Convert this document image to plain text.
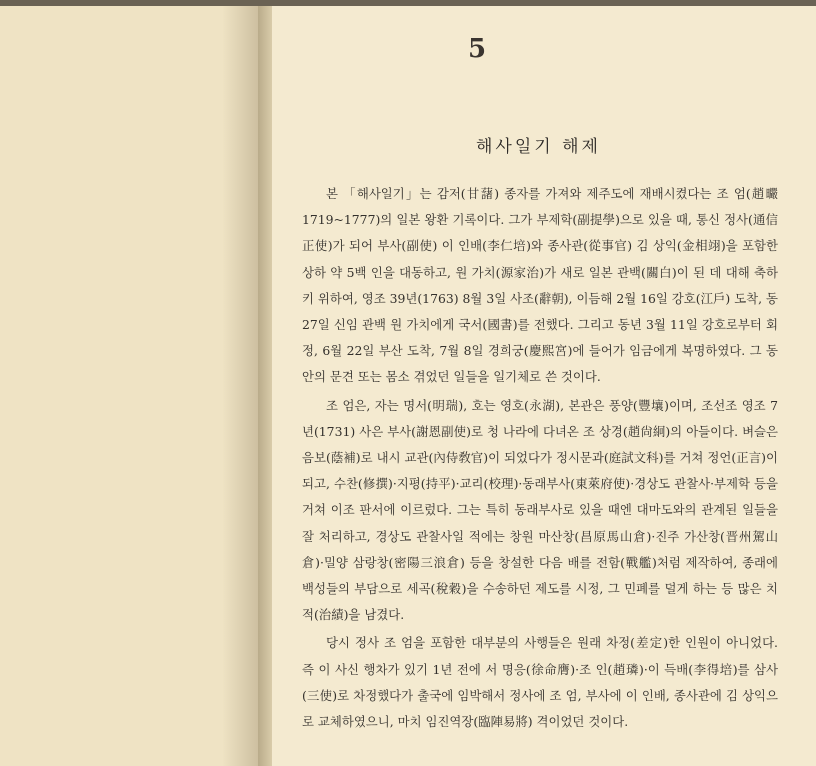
5
해사일기 해제

본 「해사일기」는 감저(甘藷) 종자를 가져와 제주도에 재배시켰다는 조 엄(趙曮 1719~1777)의 일본 왕환 기록이다. 그가 부제학(副提學)으로 있을 때, 통신 정사(通信正使)가 되어 부사(副使) 이 인배(李仁培)와 종사관(從事官) 김 상익(金相翊)을 포함한 상하 약 5백 인을 대동하고, 원 가치(源家治)가 새로 일본 관백(關白)이 된 데 대해 축하키 위하여, 영조 39년(1763) 8월 3일 사조(辭朝), 이듬해 2월 16일 강호(江戶) 도착, 동 27일 신임 관백 원 가치에게 국서(國書)를 전했다. 그리고 동년 3월 11일 강호로부터 회정, 6월 22일 부산 도착, 7월 8일 경희궁(慶熙宮)에 들어가 임금에게 복명하였다. 그 동안의 문견 또는 몸소 겪었던 일들을 일기체로 쓴 것이다.

조 엄은, 자는 명서(明瑞), 호는 영호(永湖), 본관은 풍양(豐壤)이며, 조선조 영조 7년(1731) 사은 부사(謝恩副使)로 청 나라에 다녀온 조 상경(趙尙絅)의 아들이다. 벼슬은 음보(蔭補)로 내시 교관(內侍敎官)이 되었다가 정시문과(庭試文科)를 거쳐 정언(正言)이 되고, 수찬(修撰)·지평(持平)·교리(校理)·동래부사(東萊府使)·경상도 관찰사·부제학 등을 거쳐 이조 판서에 이르렀다. 그는 특히 동래부사로 있을 때엔 대마도와의 관계된 일들을 잘 처리하고, 경상도 관찰사일 적에는 창원 마산창(昌原馬山倉)·진주 가산창(晋州駕山倉)·밀양 삼랑창(密陽三浪倉) 등을 창설한 다음 배를 전함(戰艦)처럼 제작하여, 종래에 백성들의 부담으로 세곡(稅穀)을 수송하던 제도를 시정, 그 민폐를 덜게 하는 등 많은 치적(治績)을 남겼다.

당시 정사 조 엄을 포함한 대부분의 사행들은 원래 차정(差定)한 인원이 아니었다. 즉 이 사신 행차가 있기 1년 전에 서 명응(徐命膺)·조 인(趙璘)·이 득배(李得培)를 삼사(三使)로 차정했다가 출국에 임박해서 정사에 조 엄, 부사에 이 인배, 종사관에 김 상익으로 교체하였으니, 마치 임진역장(臨陣易將) 격이었던 것이다.
